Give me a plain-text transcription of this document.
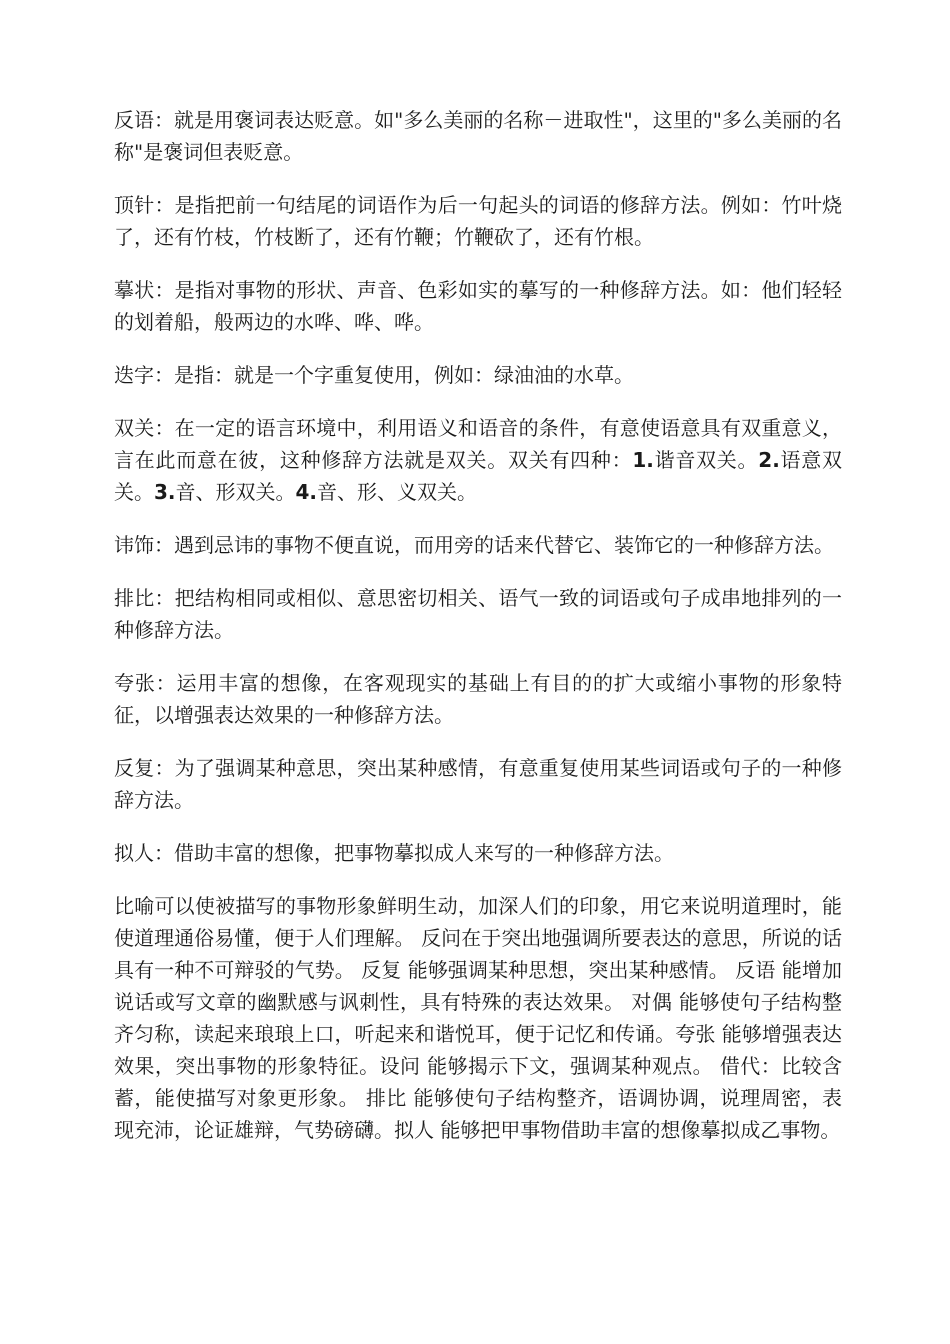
反语：就是用褒词表达贬意。如"多么美丽的名称－进取性"，这里的"多么美丽的名称"是褒词但表贬意。

顶针：是指把前一句结尾的词语作为后一句起头的词语的修辞方法。例如：竹叶烧了，还有竹枝，竹枝断了，还有竹鞭；竹鞭砍了，还有竹根。

摹状：是指对事物的形状、声音、色彩如实的摹写的一种修辞方法。如：他们轻轻的划着船，般两边的水哗、哗、哗。

迭字：是指：就是一个字重复使用，例如：绿油油的水草。

双关：在一定的语言环境中，利用语义和语音的条件，有意使语意具有双重意义，言在此而意在彼，这种修辞方法就是双关。双关有四种：1.谐音双关。2.语意双关。3.音、形双关。4.音、形、义双关。

讳饰：遇到忌讳的事物不便直说，而用旁的话来代替它、装饰它的一种修辞方法。

排比：把结构相同或相似、意思密切相关、语气一致的词语或句子成串地排列的一种修辞方法。

夸张：运用丰富的想像，在客观现实的基础上有目的的扩大或缩小事物的形象特征，以增强表达效果的一种修辞方法。

反复：为了强调某种意思，突出某种感情，有意重复使用某些词语或句子的一种修辞方法。

拟人：借助丰富的想像，把事物摹拟成人来写的一种修辞方法。

比喻可以使被描写的事物形象鲜明生动，加深人们的印象，用它来说明道理时，能使道理通俗易懂，便于人们理解。 反问在于突出地强调所要表达的意思，所说的话具有一种不可辩驳的气势。 反复 能够强调某种思想，突出某种感情。 反语 能增加说话或写文章的幽默感与讽刺性，具有特殊的表达效果。 对偶 能够使句子结构整齐匀称，读起来琅琅上口，听起来和谐悦耳，便于记忆和传诵。夸张 能够增强表达效果，突出事物的形象特征。设问 能够揭示下文，强调某种观点。 借代：比较含蓄，能使描写对象更形象。 排比 能够使句子结构整齐，语调协调，说理周密，表现充沛，论证雄辩，气势磅礴。拟人 能够把甲事物借助丰富的想像摹拟成乙事物。
